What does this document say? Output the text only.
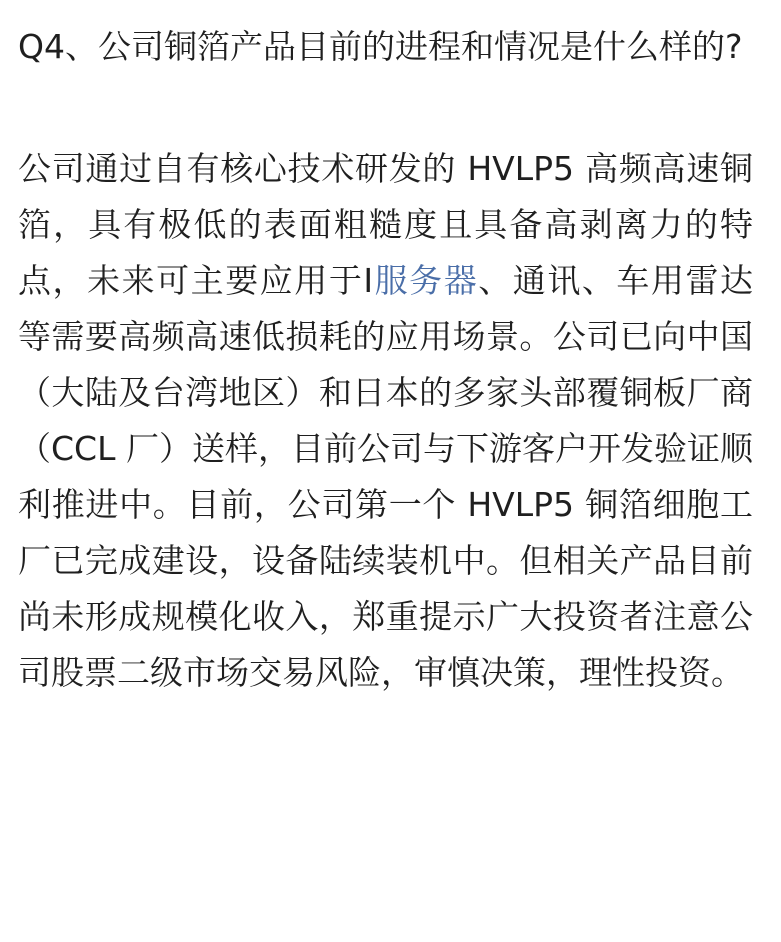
Q4、公司铜箔产品目前的进程和情况是什么样的?

公司通过自有核心技术研发的 HVLP5 高频高速铜箔，具有极低的表面粗糙度且具备高剥离力的特点，未来可主要应用于I服务器、通讯、车用雷达等需要高频高速低损耗的应用场景。公司已向中国（大陆及台湾地区）和日本的多家头部覆铜板厂商（CCL 厂）送样，目前公司与下游客户开发验证顺利推进中。目前，公司第一个 HVLP5 铜箔细胞工厂已完成建设，设备陆续装机中。但相关产品目前尚未形成规模化收入，郑重提示广大投资者注意公司股票二级市场交易风险，审慎决策，理性投资。
